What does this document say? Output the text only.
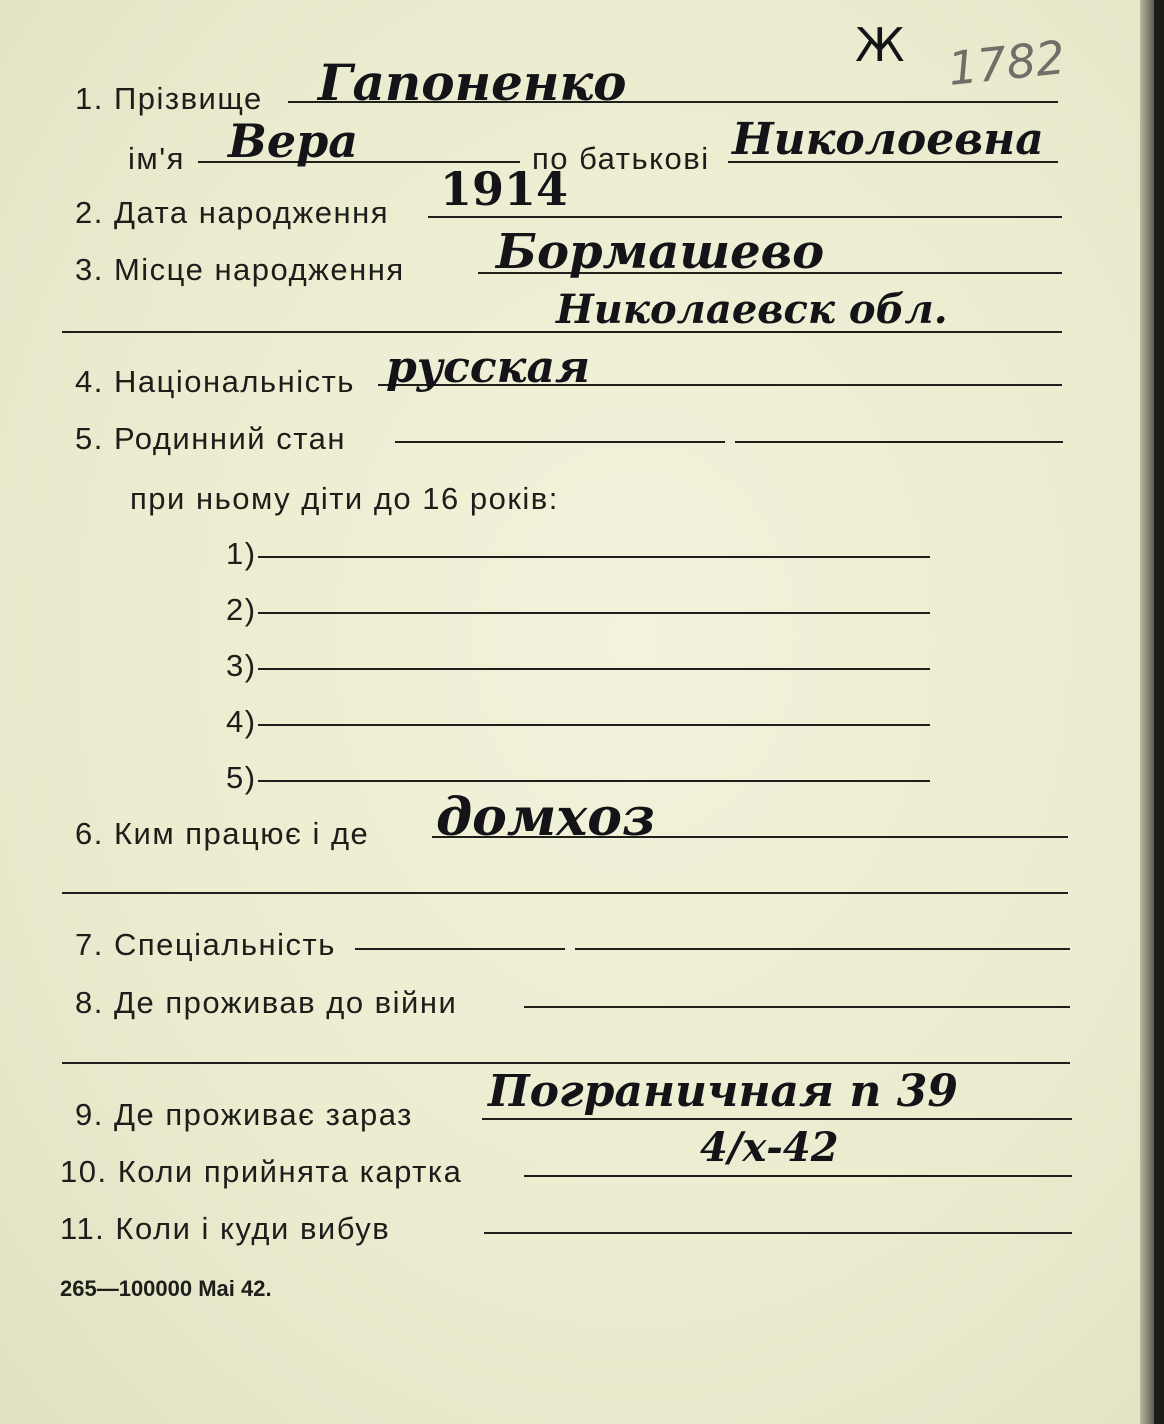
Ж 1782
1. Прізвище Гапоненко
ім'я Вера	по батькові Николоевна
2. Дата народження 1914
3. Місце народження Бормашево
Николаевск обл.
4. Національність русская
5. Родинний стан
при ньому діти до 16 років:
1)
2)
3)
4)
5)
6. Ким працює і де домхоз
7. Спеціальність
8. Де проживав до війни
9. Де проживає зараз Пограничная п 39
10. Коли прийнята картка
4/х-42
11. Коли і куди вибув
265—100000 Mai 42.
